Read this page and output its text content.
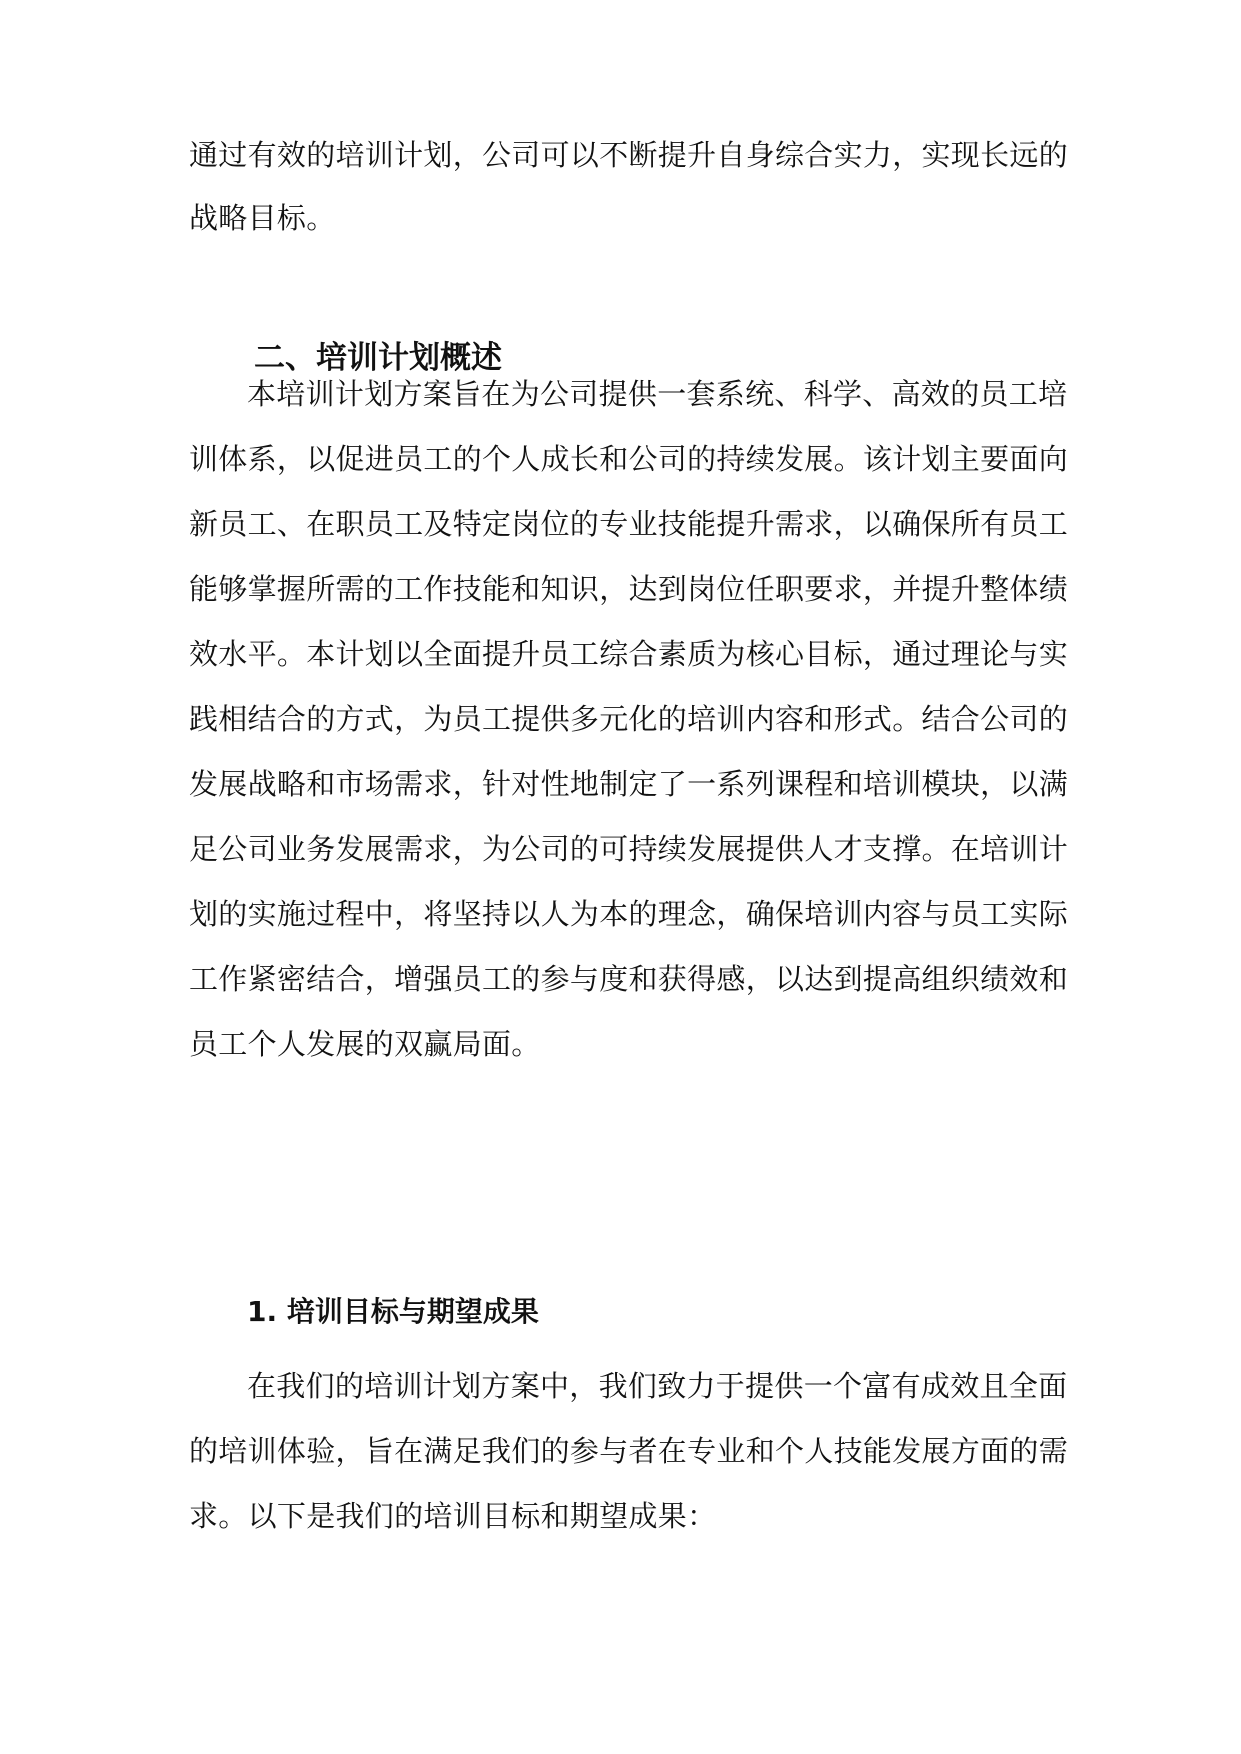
通过有效的培训计划，公司可以不断提升自身综合实力，实现长远的
战略目标。
二、培训计划概述
本培训计划方案旨在为公司提供一套系统、科学、高效的员工培
训体系，以促进员工的个人成长和公司的持续发展。该计划主要面向
新员工、在职员工及特定岗位的专业技能提升需求，以确保所有员工
能够掌握所需的工作技能和知识，达到岗位任职要求，并提升整体绩
效水平。本计划以全面提升员工综合素质为核心目标，通过理论与实
践相结合的方式，为员工提供多元化的培训内容和形式。结合公司的
发展战略和市场需求，针对性地制定了一系列课程和培训模块，以满
足公司业务发展需求，为公司的可持续发展提供人才支撑。在培训计
划的实施过程中，将坚持以人为本的理念，确保培训内容与员工实际
工作紧密结合，增强员工的参与度和获得感，以达到提高组织绩效和
员工个人发展的双赢局面。
1. 培训目标与期望成果
在我们的培训计划方案中，我们致力于提供一个富有成效且全面
的培训体验，旨在满足我们的参与者在专业和个人技能发展方面的需
求。以下是我们的培训目标和期望成果：
